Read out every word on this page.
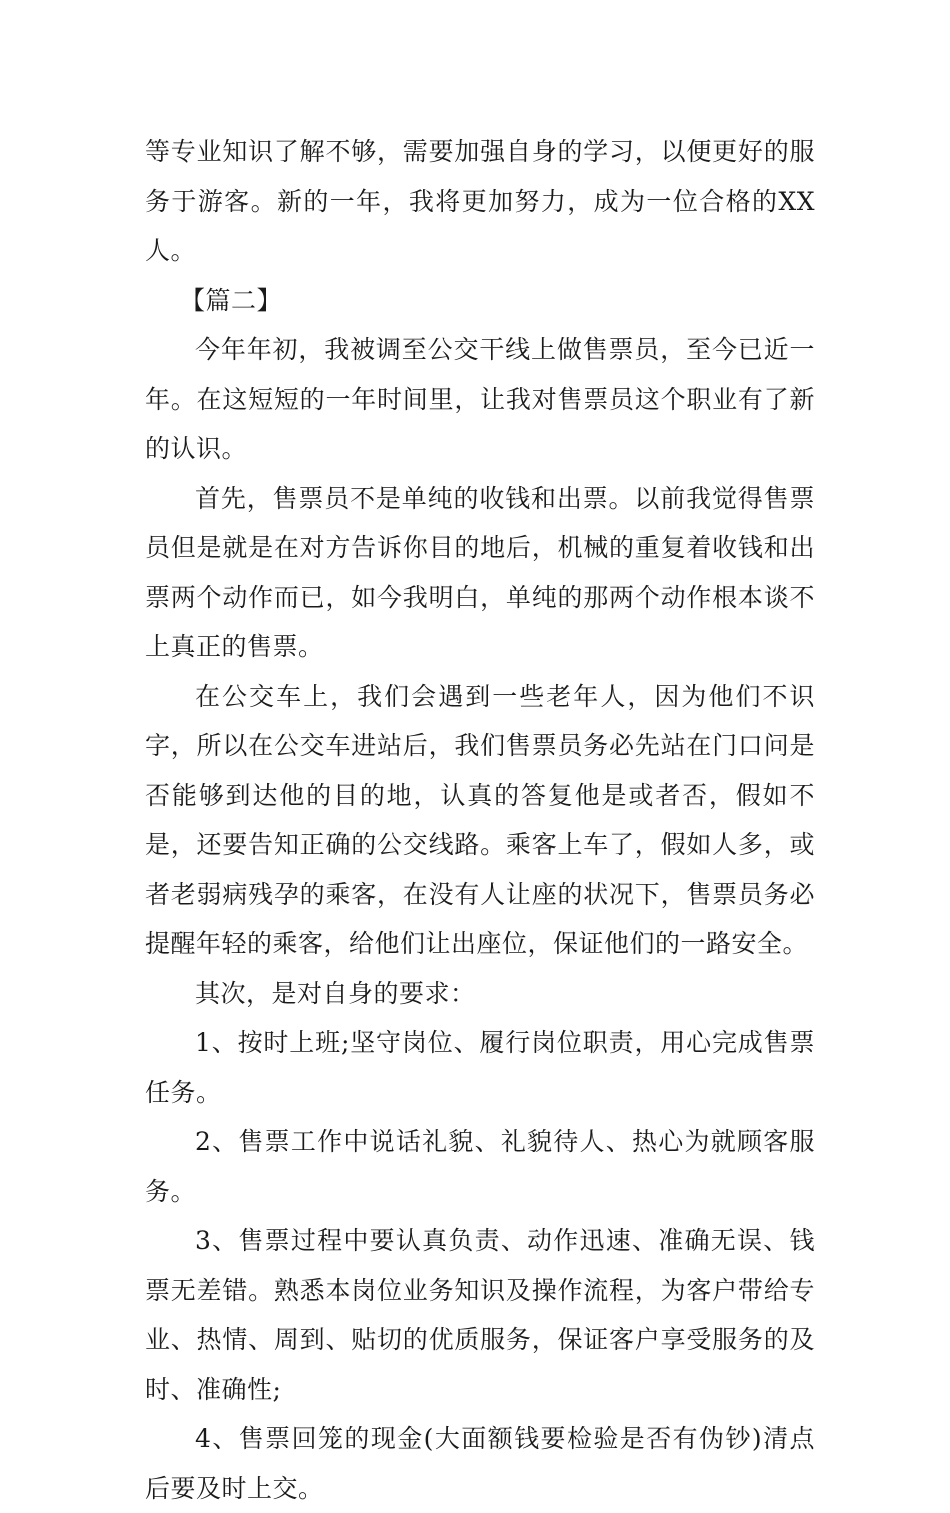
等专业知识了解不够，需要加强自身的学习，以便更好的服务于游客。新的一年，我将更加努力，成为一位合格的XX人。

【篇二】

今年年初，我被调至公交干线上做售票员，至今已近一年。在这短短的一年时间里，让我对售票员这个职业有了新的认识。

首先，售票员不是单纯的收钱和出票。以前我觉得售票员但是就是在对方告诉你目的地后，机械的重复着收钱和出票两个动作而已，如今我明白，单纯的那两个动作根本谈不上真正的售票。

在公交车上，我们会遇到一些老年人，因为他们不识字，所以在公交车进站后，我们售票员务必先站在门口问是否能够到达他的目的地，认真的答复他是或者否，假如不是，还要告知正确的公交线路。乘客上车了，假如人多，或者老弱病残孕的乘客，在没有人让座的状况下，售票员务必提醒年轻的乘客，给他们让出座位，保证他们的一路安全。

其次，是对自身的要求：

1、按时上班;坚守岗位、履行岗位职责，用心完成售票任务。

2、售票工作中说话礼貌、礼貌待人、热心为就顾客服务。

3、售票过程中要认真负责、动作迅速、准确无误、钱票无差错。熟悉本岗位业务知识及操作流程，为客户带给专业、热情、周到、贴切的优质服务，保证客户享受服务的及时、准确性;

4、售票回笼的现金(大面额钱要检验是否有伪钞)清点后要及时上交。
